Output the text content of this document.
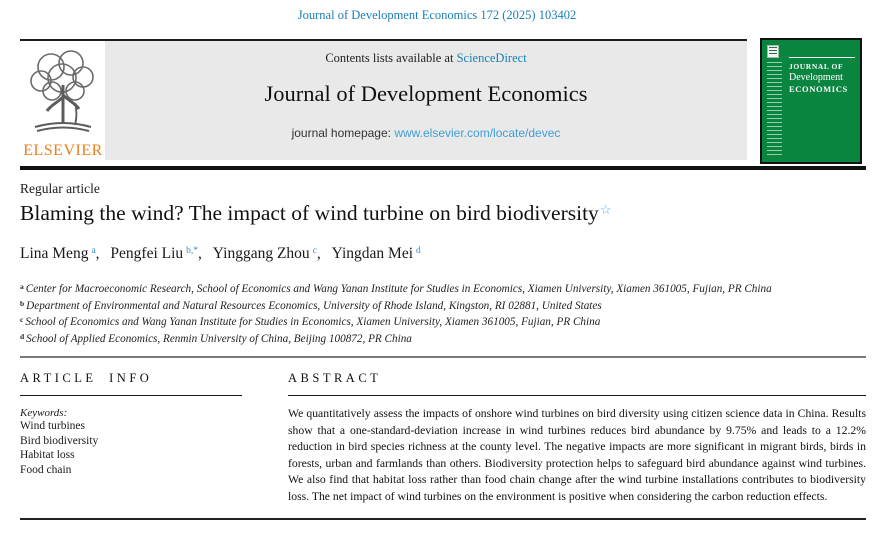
Journal of Development Economics 172 (2025) 103402
ELSEVIER
Contents lists available at ScienceDirect
Journal of Development Economics
journal homepage: www.elsevier.com/locate/devec
JOURNAL OF
Development
ECONOMICS
Regular article
Blaming the wind? The impact of wind turbine on bird biodiversity☆
Lina Meng $^a$, Pengfei Liu $^{b,*}$, Yinggang Zhou $^c$, Yingdan Mei $^d$
$^a$ Center for Macroeconomic Research, School of Economics and Wang Yanan Institute for Studies in Economics, Xiamen University, Xiamen 361005, Fujian, PR China
$^b$ Department of Environmental and Natural Resources Economics, University of Rhode Island, Kingston, RI 02881, United States
$^c$ School of Economics and Wang Yanan Institute for Studies in Economics, Xiamen University, Xiamen 361005, Fujian, PR China
$^d$ School of Applied Economics, Renmin University of China, Beijing 100872, PR China
ARTICLE INFO
Keywords:
Wind turbines
Bird biodiversity
Habitat loss
Food chain
ABSTRACT
We quantitatively assess the impacts of onshore wind turbines on bird diversity using citizen science data in China. Results show that a one-standard-deviation increase in wind turbines reduces bird abundance by 9.75% and leads to a 12.2% reduction in bird species richness at the county level. The negative impacts are more significant in migrant birds, birds in forests, urban and farmlands than others. Biodiversity protection helps to safeguard bird abundance against wind turbines. We also find that habitat loss rather than food chain change after the wind turbine installations contributes to biodiversity loss. The net impact of wind turbines on the environment is positive when considering the carbon reduction effects.
